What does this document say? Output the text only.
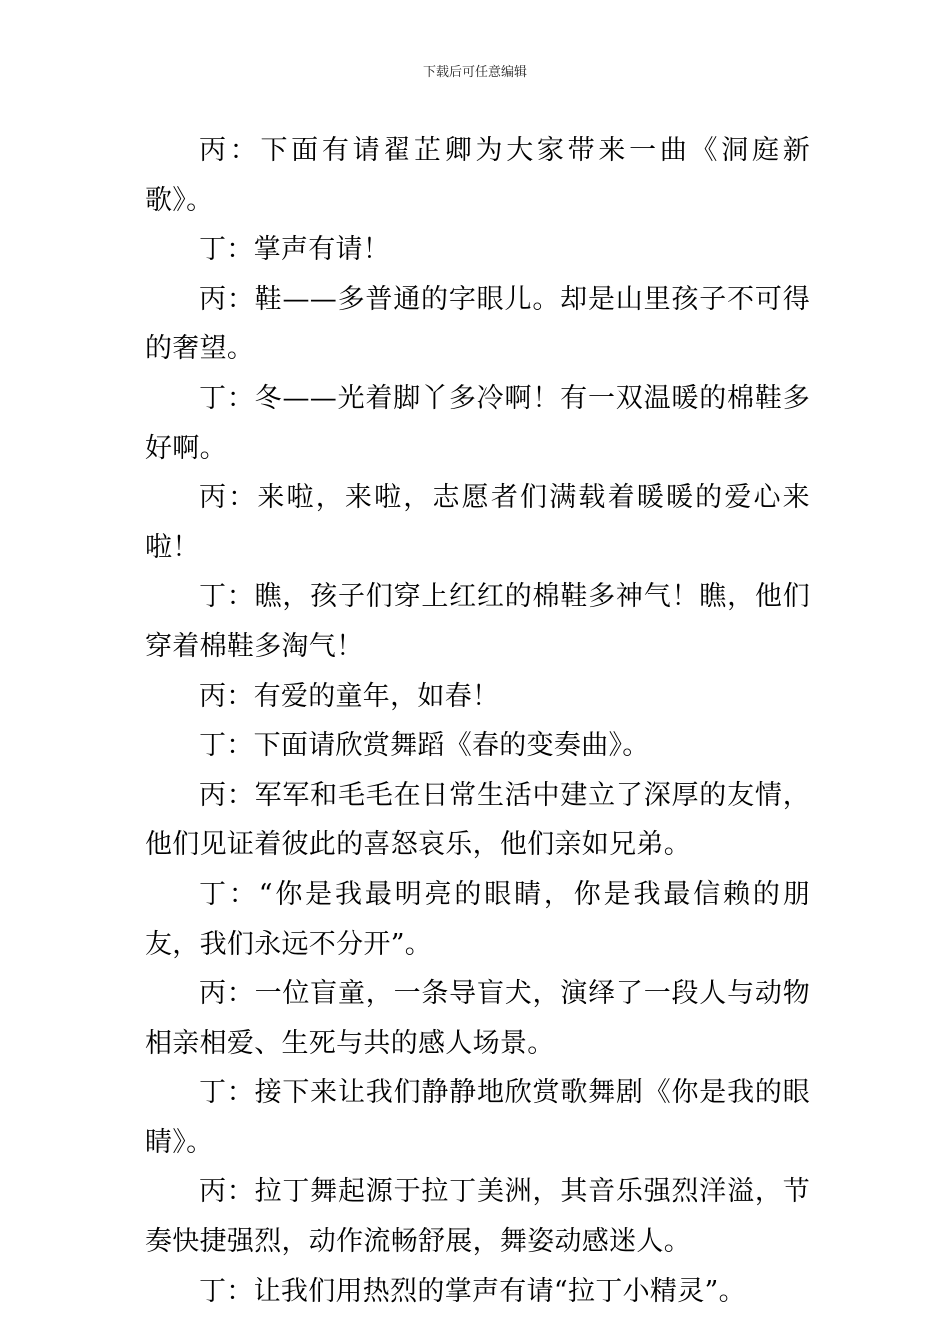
下载后可任意编辑

丙：下面有请翟芷卿为大家带来一曲《洞庭新歌》。

丁：掌声有请！

丙：鞋——多普通的字眼儿。却是山里孩子不可得的奢望。

丁：冬——光着脚丫多冷啊！有一双温暖的棉鞋多好啊。

丙：来啦，来啦，志愿者们满载着暖暖的爱心来啦！

丁：瞧，孩子们穿上红红的棉鞋多神气！瞧，他们穿着棉鞋多淘气！

丙：有爱的童年，如春！

丁：下面请欣赏舞蹈《春的变奏曲》。

丙：军军和毛毛在日常生活中建立了深厚的友情，他们见证着彼此的喜怒哀乐，他们亲如兄弟。

丁：“你是我最明亮的眼睛，你是我最信赖的朋友，我们永远不分开”。

丙：一位盲童，一条导盲犬，演绎了一段人与动物相亲相爱、生死与共的感人场景。

丁：接下来让我们静静地欣赏歌舞剧《你是我的眼睛》。

丙：拉丁舞起源于拉丁美洲，其音乐强烈洋溢，节奏快捷强烈，动作流畅舒展，舞姿动感迷人。

丁：让我们用热烈的掌声有请“拉丁小精灵”。
